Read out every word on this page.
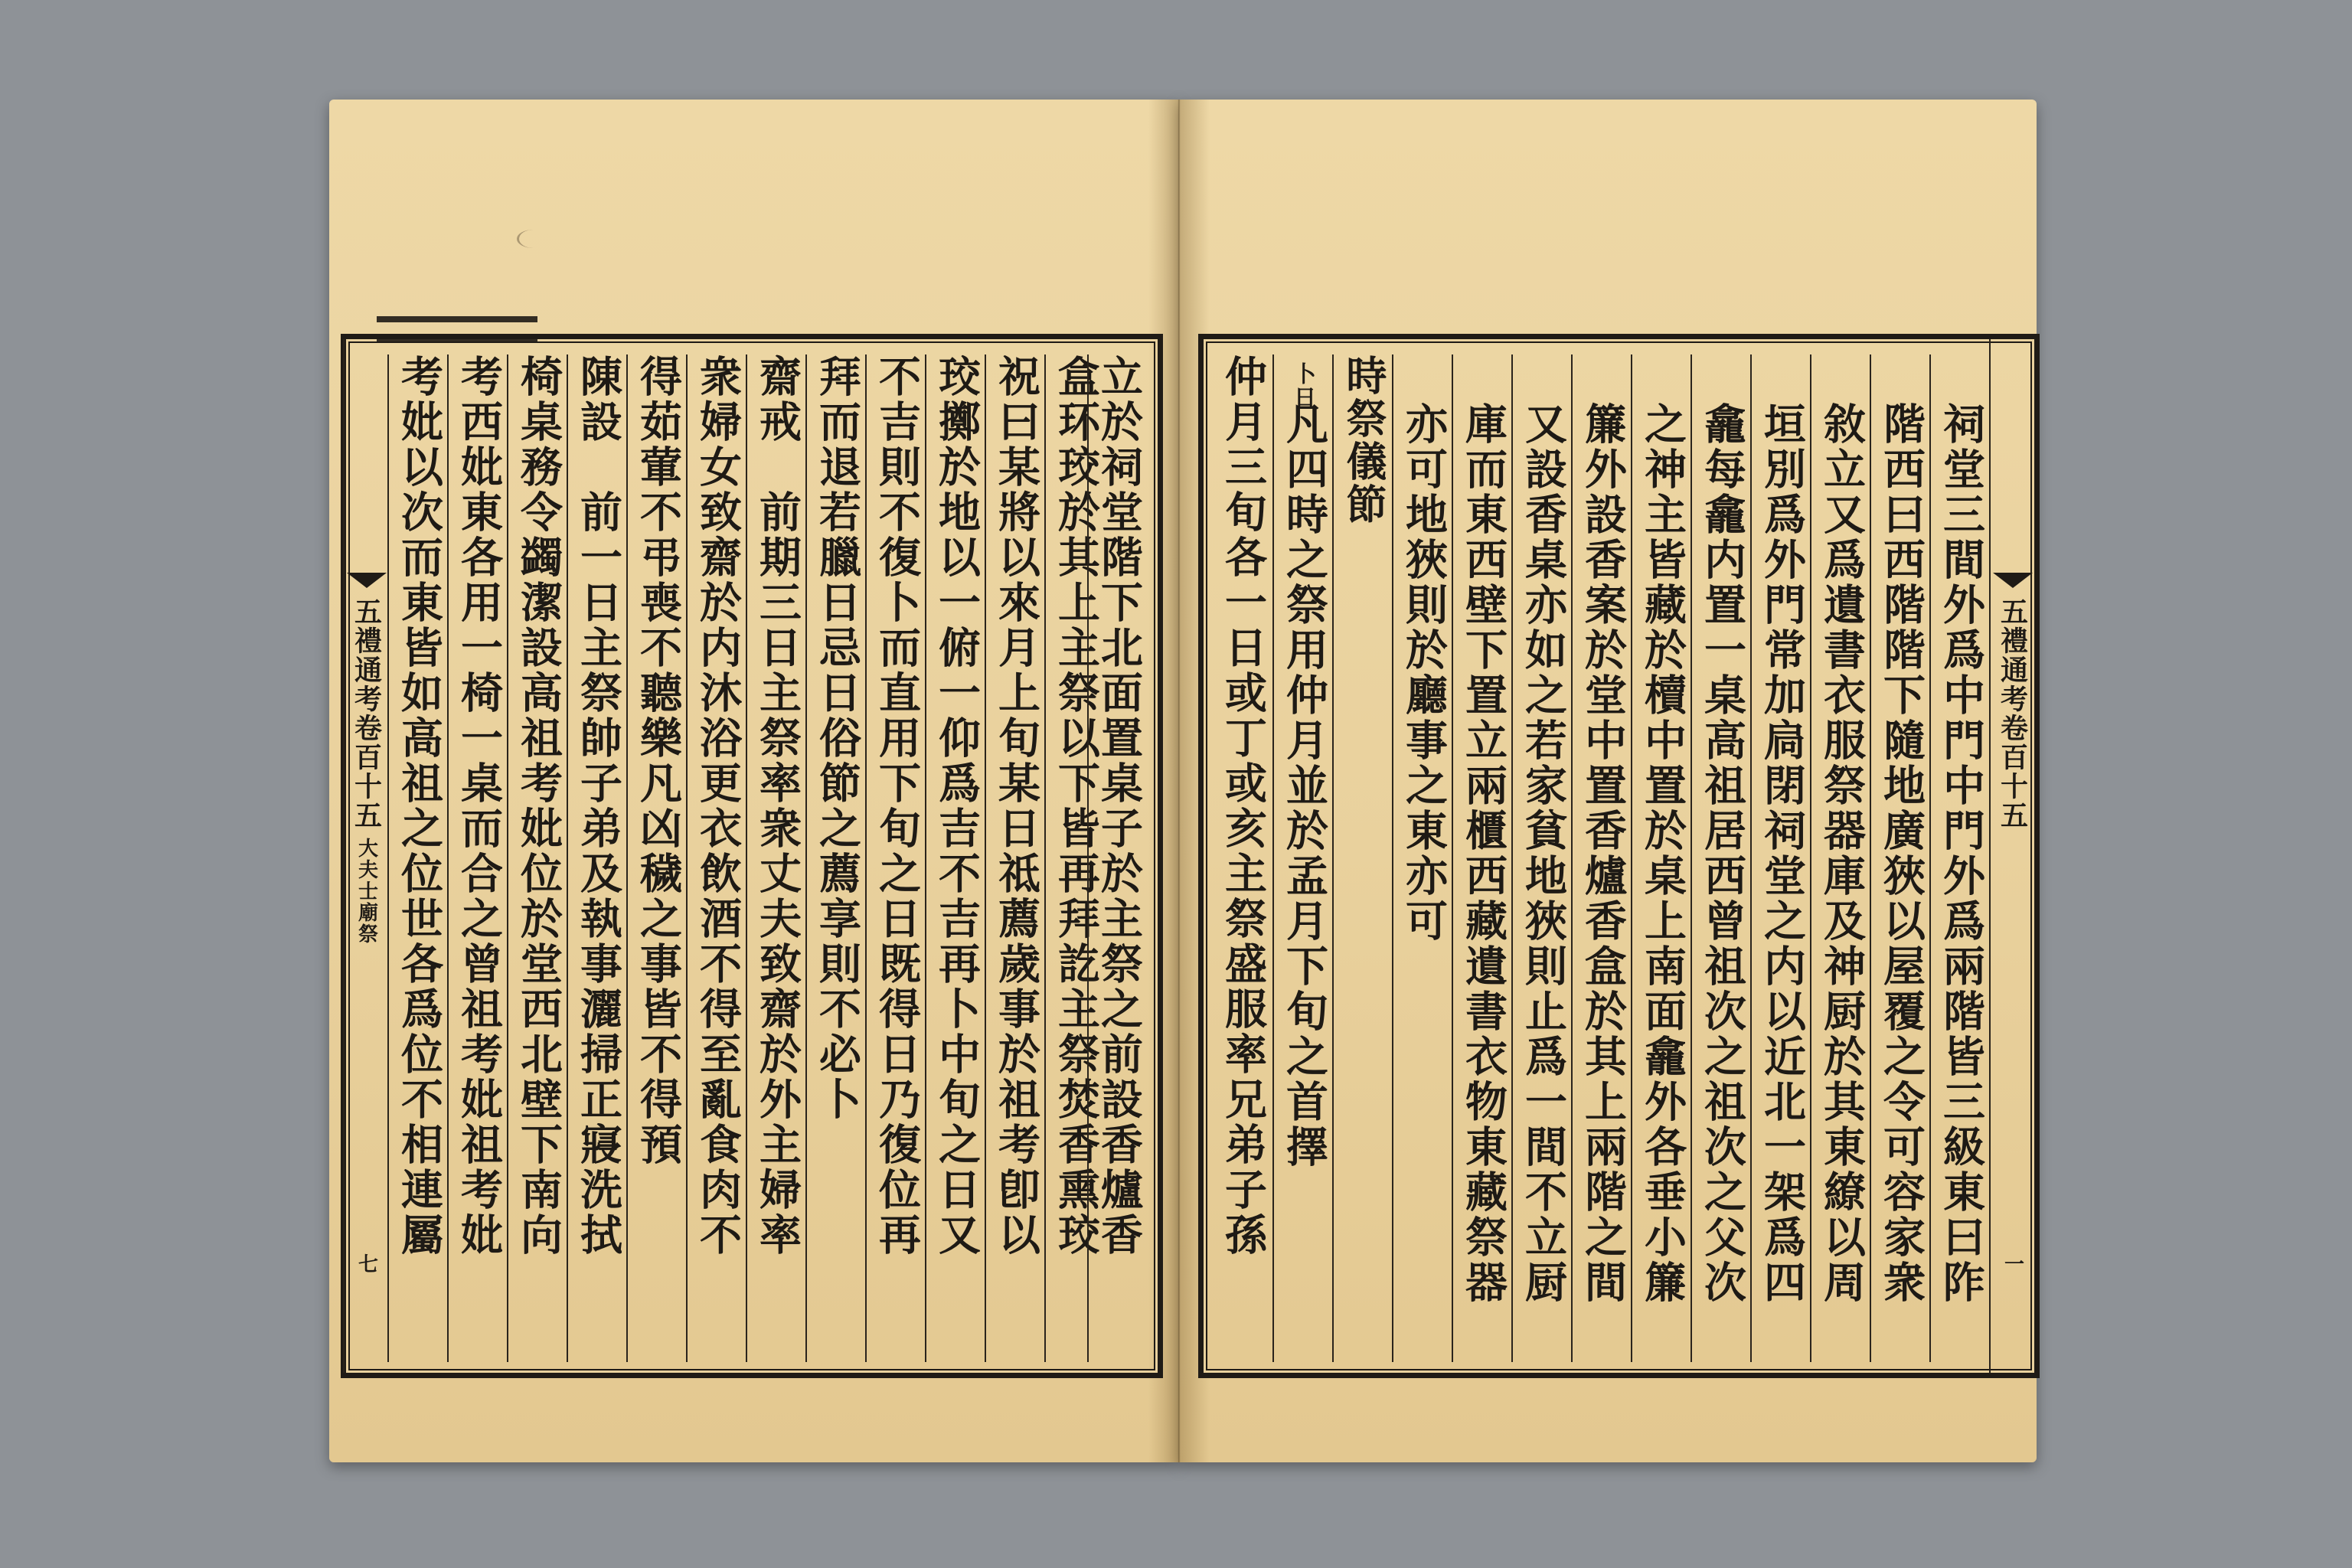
五禮通考卷百十五
大夫士廟祭
七
考妣以次而東皆如高祖之位世各爲位不相連屬 考西妣東各用一椅一桌而合之曾祖考妣祖考妣 椅桌務令蠲潔設高祖考妣位於堂西北壁下南向 陳設　前一日主祭帥子弟及執事灑掃正寢洗拭 得茹葷不弔喪不聽樂凡凶穢之事皆不得預 衆婦女致齋於内沐浴更衣飲酒不得至亂食肉不 齋戒　前期三日主祭率衆丈夫致齋於外主婦率 拜而退若臘日忌日俗節之薦享則不必卜 不吉則不復卜而直用下旬之日既得日乃復位再 珓擲於地以一俯一仰爲吉不吉再卜中旬之日又 祝曰某將以來月上旬某日祗薦歲事於祖考卽以 盒环珓於其上主祭以下皆再拜訖主祭焚香熏珓
立於祠堂階下北面置桌子於主祭之前設香爐香 仲月三旬各一日或丁或亥主祭盛服率兄弟子孫 凡四時之祭用仲月並於孟月下旬之首擇
卜日 時祭儀節 亦可地狹則於廳事之東亦可 庫而東西壁下置立兩櫃西藏遺書衣物東藏祭器 又設香桌亦如之若家貧地狹則止爲一間不立厨 簾外設香案於堂中置香爐香盒於其上兩階之間 之神主皆藏於櫝中置於桌上南面龕外各垂小簾 龕每龕内置一桌高祖居西曾祖次之祖次之父次 垣別爲外門常加扃閉祠堂之内以近北一架爲四 敘立又爲遺書衣服祭器庫及神厨於其東繚以周 階西曰西階階下隨地廣狹以屋覆之令可容家衆 祠堂三間外爲中門中門外爲兩階皆三級東曰阼 五禮通考卷百十五
一
